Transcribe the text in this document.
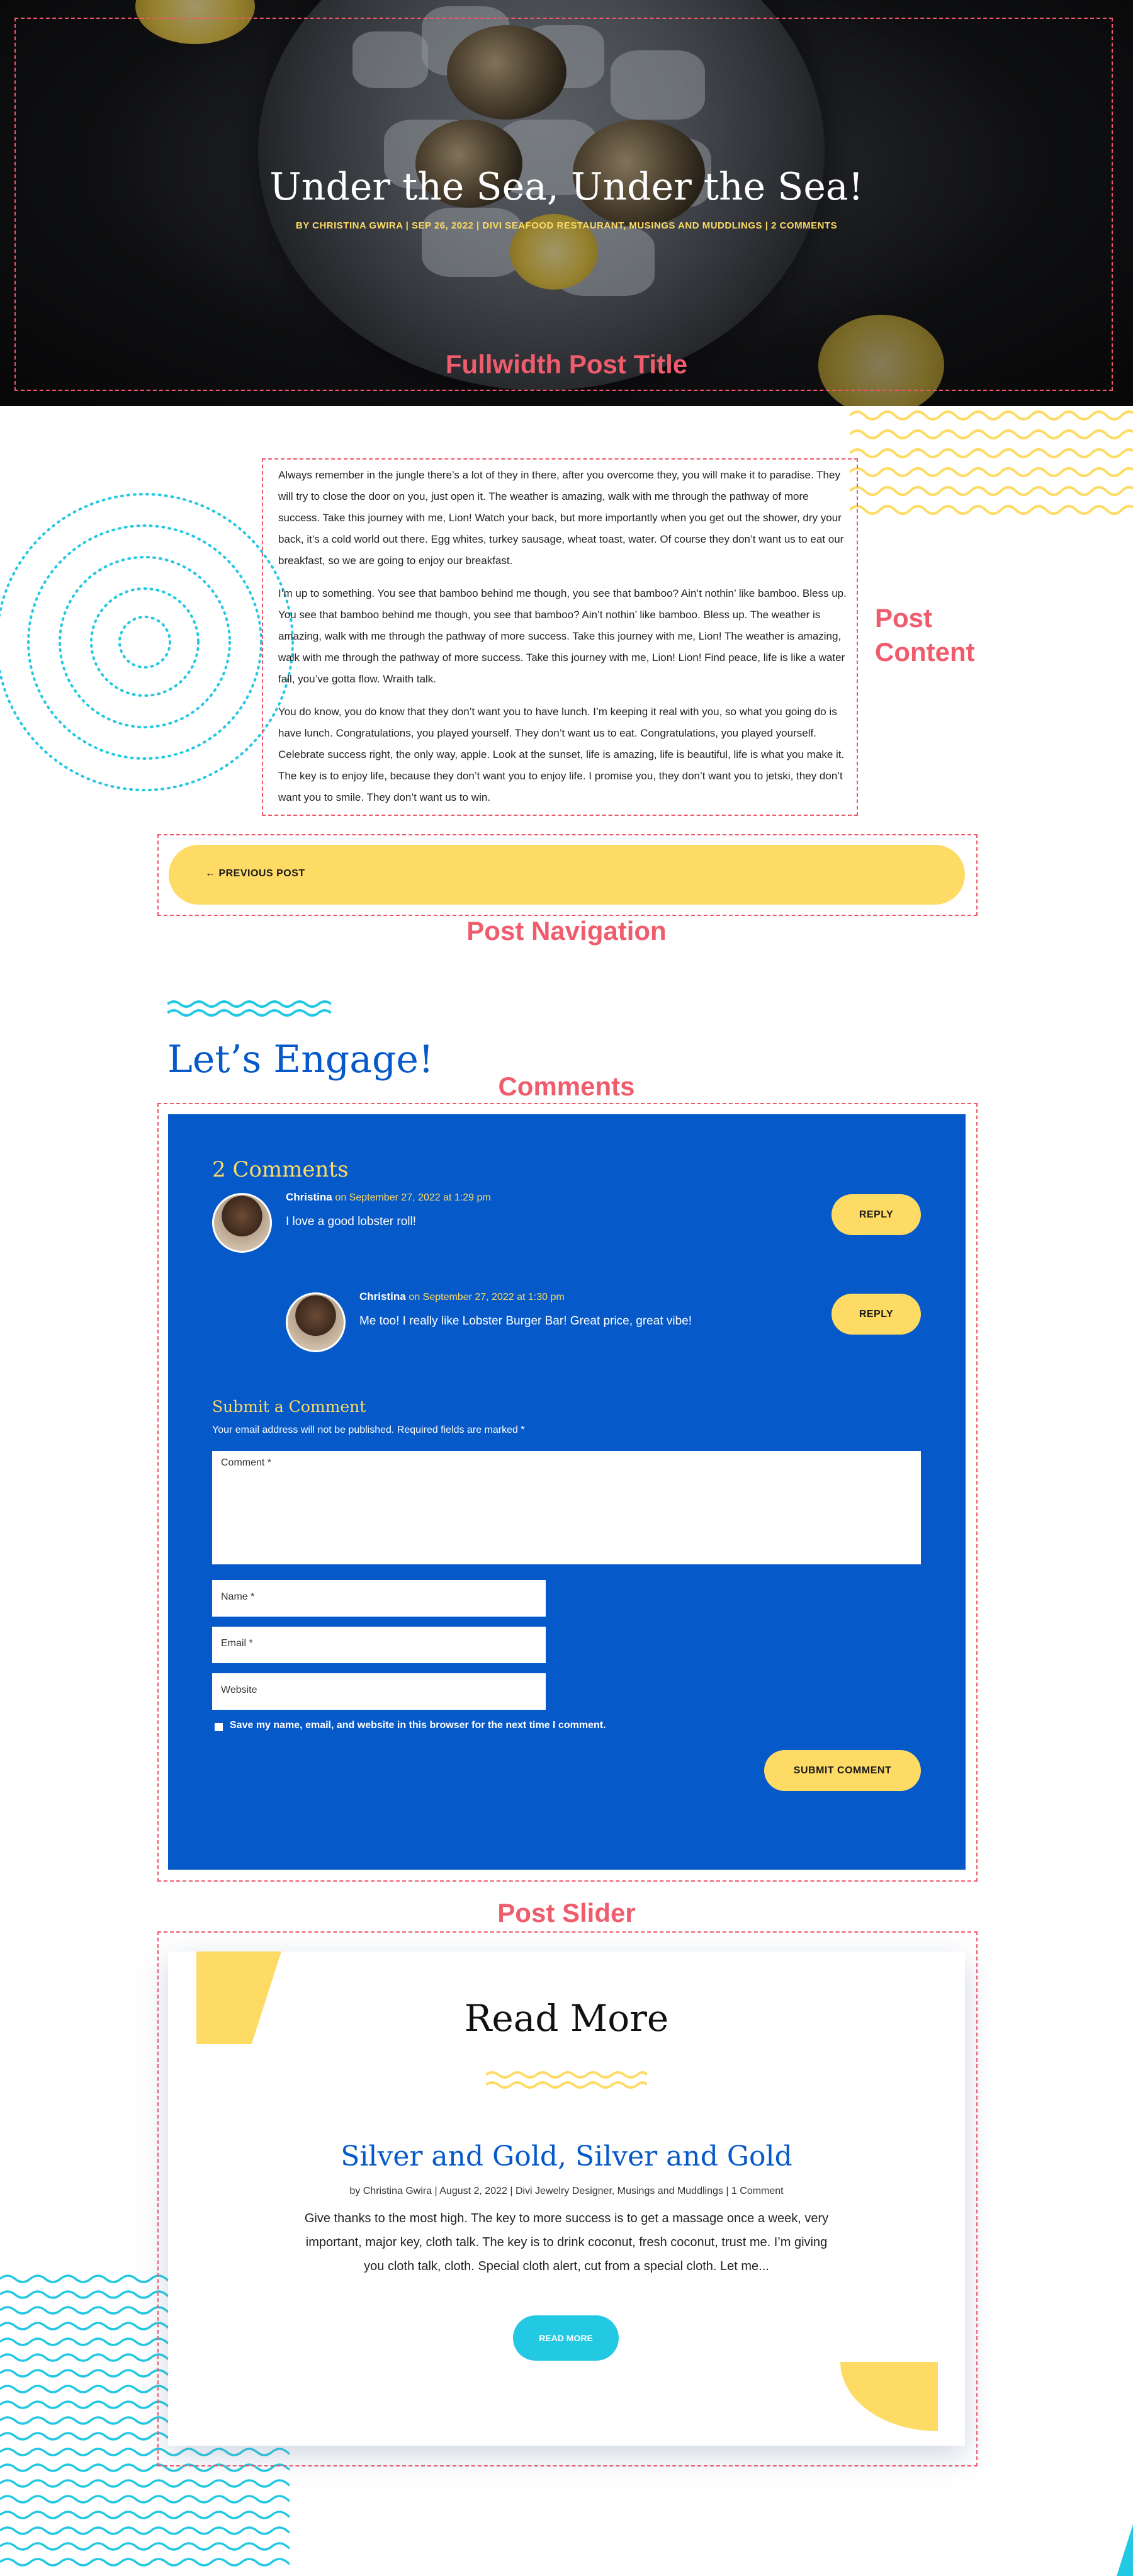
Under the Sea, Under the Sea!
BY CHRISTINA GWIRA | SEP 26, 2022 | DIVI SEAFOOD RESTAURANT, MUSINGS AND MUDDLINGS | 2 COMMENTS
Fullwidth Post Title

Always remember in the jungle there’s a lot of they in there, after you overcome they, you will make it to paradise. They will try to close the door on you, just open it. The weather is amazing, walk with me through the pathway of more success. Take this journey with me, Lion! Watch your back, but more importantly when you get out the shower, dry your back, it’s a cold world out there. Egg whites, turkey sausage, wheat toast, water. Of course they don’t want us to eat our breakfast, so we are going to enjoy our breakfast.

I’m up to something. You see that bamboo behind me though, you see that bamboo? Ain’t nothin’ like bamboo. Bless up. You see that bamboo behind me though, you see that bamboo? Ain’t nothin’ like bamboo. Bless up. The weather is amazing, walk with me through the pathway of more success. Take this journey with me, Lion! The weather is amazing, walk with me through the pathway of more success. Take this journey with me, Lion! Lion! Find peace, life is like a water fall, you’ve gotta flow. Wraith talk.

You do know, you do know that they don’t want you to have lunch. I’m keeping it real with you, so what you going do is have lunch. Congratulations, you played yourself. They don’t want us to eat. Congratulations, you played yourself. Celebrate success right, the only way, apple. Look at the sunset, life is amazing, life is beautiful, life is what you make it. The key is to enjoy life, because they don’t want you to enjoy life. I promise you, they don’t want you to jetski, they don’t want you to smile. They don’t want us to win.

Post
Content
← PREVIOUS POST
Post Navigation
Let’s Engage!
Comments
2 Comments
Christina on September 27, 2022 at 1:29 pm
I love a good lobster roll!
REPLY
Christina on September 27, 2022 at 1:30 pm
Me too! I really like Lobster Burger Bar! Great price, great vibe!
REPLY
Submit a Comment
Your email address will not be published. Required fields are marked *
Comment *
Name *
Email *
Website
Save my name, email, and website in this browser for the next time I comment.
SUBMIT COMMENT
Post Slider
Read More
Silver and Gold, Silver and Gold
by Christina Gwira | August 2, 2022 | Divi Jewelry Designer, Musings and Muddlings | 1 Comment
Give thanks to the most high. The key to more success is to get a massage once a week, very important, major key, cloth talk. The key is to drink coconut, fresh coconut, trust me. I’m giving you cloth talk, cloth. Special cloth alert, cut from a special cloth. Let me...
READ MORE
